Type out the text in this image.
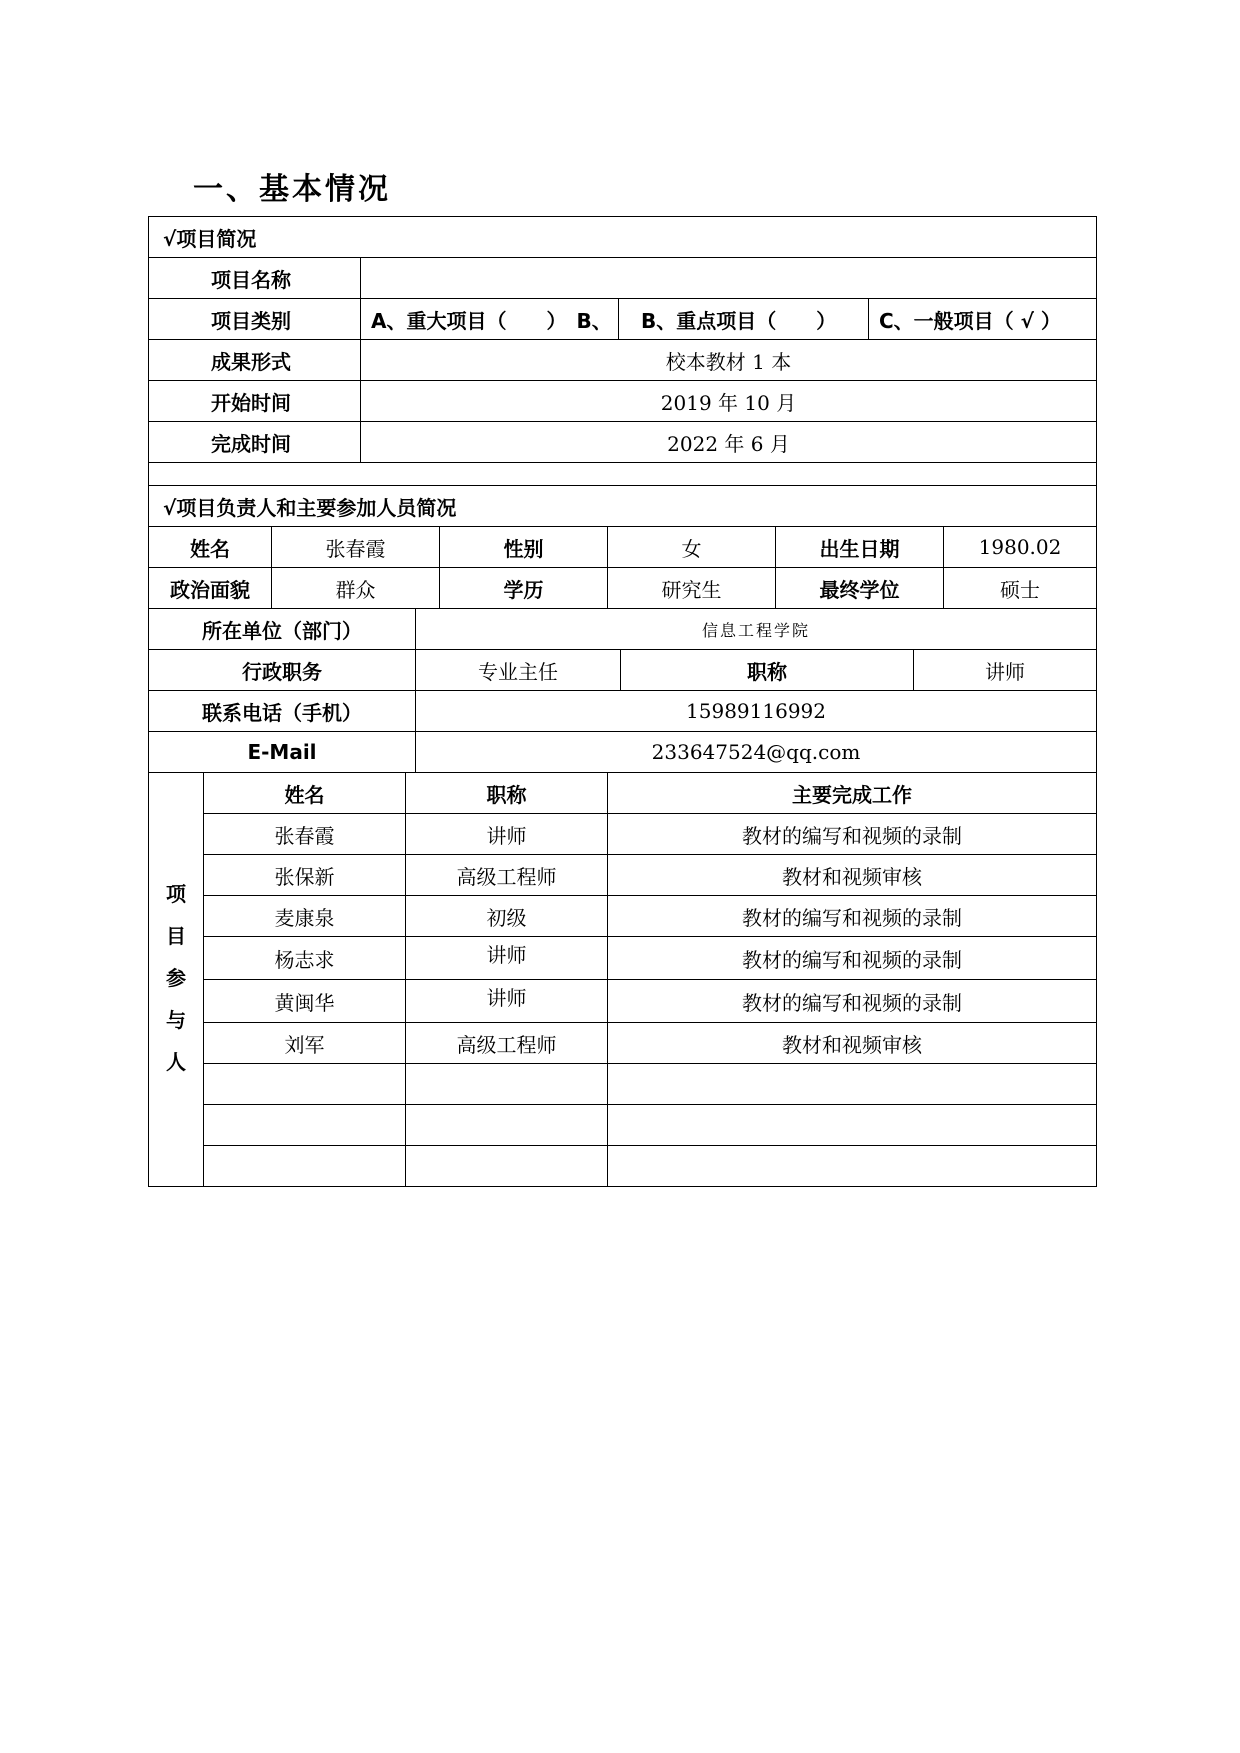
一、基本情况
√项目简况			
项目名称			
项目类别	A、重大项目（　　）　B、	B、重点项目（　　）	C、一般项目（ √ ）
成果形式	校本教材 1 本		
开始时间	2019 年 10 月		
完成时间	2022 年 6 月		

√项目负责人和主要参加人员简况			
姓名	张春霞	性别	女	出生日期	1980.02
政治面貌	群众	学历	研究生	最终学位	硕士
所在单位（部门）	信息工程学院		
行政职务	专业主任	职称	讲师
联系电话（手机）	15989116992		
E-Mail	233647524@qq.com		
项
目
参
与
人	姓名	职称	主要完成工作
	张春霞	讲师	教材的编写和视频的录制
	张保新	高级工程师	教材和视频审核
	麦康泉	初级	教材的编写和视频的录制
	杨志求	讲师	教材的编写和视频的录制
	黄闽华	讲师	教材的编写和视频的录制
	刘军	高级工程师	教材和视频审核
